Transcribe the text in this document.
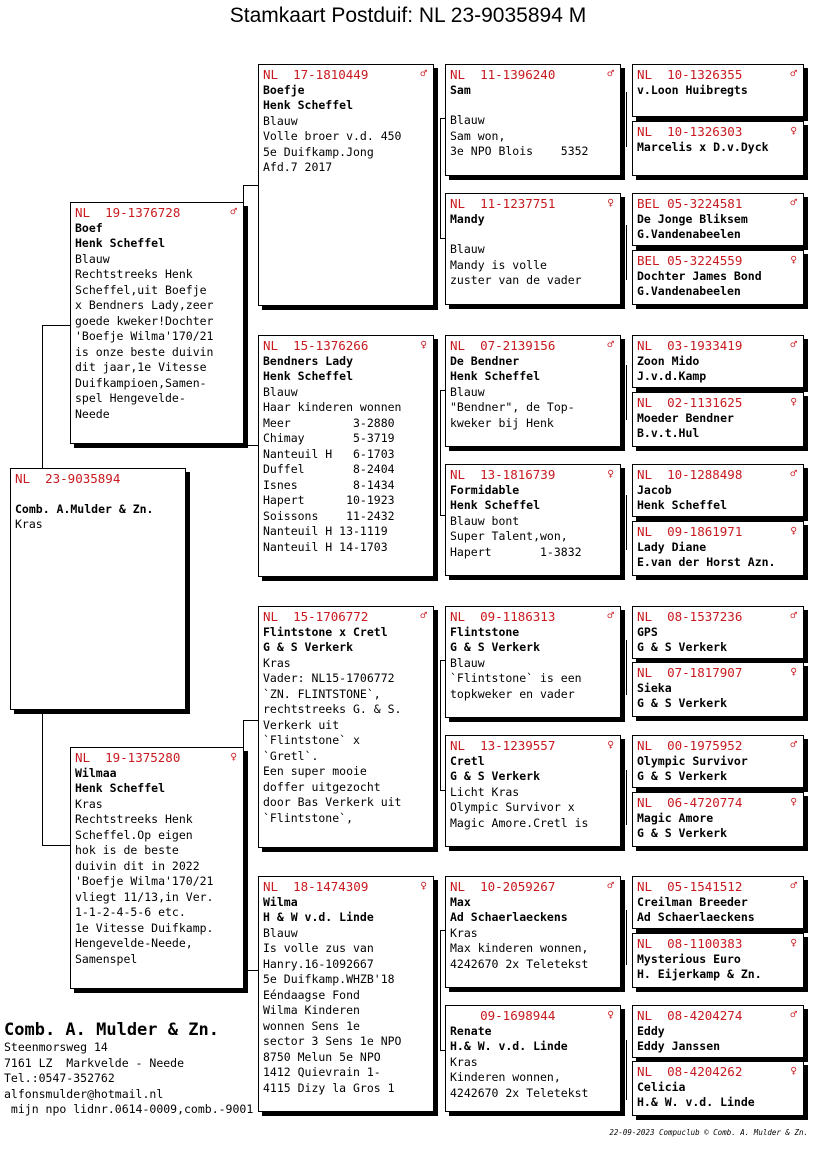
Stamkaart Postduif: NL 23-9035894 M
NL  23-9035894
Comb. A.Mulder & Zn.
Kras
NL  19-1376728	♂
Boef
Henk Scheffel
Blauw
Rechtstreeks Henk
Scheffel,uit Boefje
x Bendners Lady,zeer
goede kweker!Dochter
'Boefje Wilma'170/21
is onze beste duivin
dit jaar,1e Vitesse
Duifkampioen,Samen-
spel Hengevelde-
Neede
NL  19-1375280	♀
Wilmaa
Henk Scheffel
Kras
Rechtstreeks Henk
Scheffel.Op eigen
hok is de beste
duivin dit in 2022
'Boefje Wilma'170/21
vliegt 11/13,in Ver.
1-1-2-4-5-6 etc.
1e Vitesse Duifkamp.
Hengevelde-Neede,
Samenspel
NL  17-1810449	♂
Boefje
Henk Scheffel
Blauw
Volle broer v.d. 450
5e Duifkamp.Jong
Afd.7 2017
NL  15-1376266	♀
Bendners Lady
Henk Scheffel
Blauw
Haar kinderen wonnen
Meer         3-2880
Chimay       5-3719
Nanteuil H   6-1703
Duffel       8-2404
Isnes        8-1434
Hapert      10-1923
Soissons    11-2432
Nanteuil H 13-1119
Nanteuil H 14-1703
NL  15-1706772	♂
Flintstone x Cretl
G & S Verkerk
Kras
Vader: NL15-1706772
`ZN. FLINTSTONE`,
rechtstreeks G. & S.
Verkerk uit
`Flintstone` x
`Gretl`.
Een super mooie
doffer uitgezocht
door Bas Verkerk uit
`Flintstone`,
NL  18-1474309	♀
Wilma
H & W v.d. Linde
Blauw
Is volle zus van
Hanry.16-1092667
5e Duifkamp.WHZB'18
Eéndaagse Fond
Wilma Kinderen
wonnen Sens 1e
sector 3 Sens 1e NPO
8750 Melun 5e NPO
1412 Quievrain 1-
4115 Dizy la Gros 1
NL  11-1396240	♂
Sam
Blauw
Sam won,
3e NPO Blois    5352
NL  11-1237751	♀
Mandy
Blauw
Mandy is volle
zuster van de vader
NL  07-2139156	♂
De Bendner
Henk Scheffel
Blauw
"Bendner", de Top-
kweker bij Henk
NL  13-1816739	♀
Formidable
Henk Scheffel
Blauw bont
Super Talent,won,
Hapert       1-3832
NL  09-1186313	♂
Flintstone
G & S Verkerk
Blauw
`Flintstone` is een
topkweker en vader
NL  13-1239557	♀
Cretl
G & S Verkerk
Licht Kras
Olympic Survivor x
Magic Amore.Cretl is
NL  10-2059267	♂
Max
Ad Schaerlaeckens
Kras
Max kinderen wonnen,
4242670 2x Teletekst
09-1698944	♀
Renate
H.& W. v.d. Linde
Kras
Kinderen wonnen,
4242670 2x Teletekst
NL  10-1326355	♂
v.Loon Huibregts
NL  10-1326303	♀
Marcelis x D.v.Dyck
BEL 05-3224581	♂
De Jonge Bliksem
G.Vandenabeelen
BEL 05-3224559	♀
Dochter James Bond
G.Vandenabeelen
NL  03-1933419	♂
Zoon Mido
J.v.d.Kamp
NL  02-1131625	♀
Moeder Bendner
B.v.t.Hul
NL  10-1288498	♂
Jacob
Henk Scheffel
NL  09-1861971	♀
Lady Diane
E.van der Horst Azn.
NL  08-1537236	♂
GPS
G & S Verkerk
NL  07-1817907	♀
Sieka
G & S Verkerk
NL  00-1975952	♂
Olympic Survivor
G & S Verkerk
NL  06-4720774	♀
Magic Amore
G & S Verkerk
NL  05-1541512	♂
Creilman Breeder
Ad Schaerlaeckens
NL  08-1100383	♀
Mysterious Euro
H. Eijerkamp & Zn.
NL  08-4204274	♂
Eddy
Eddy Janssen
NL  08-4204262	♀
Celicia
H.& W. v.d. Linde
Comb. A. Mulder & Zn.
Steenmorsweg 14
7161 LZ  Markvelde - Neede
Tel.:0547-352762
alfonsmulder@hotmail.nl
mijn npo lidnr.0614-0009,comb.-9001
22-09-2023 Compuclub © Comb. A. Mulder & Zn.
